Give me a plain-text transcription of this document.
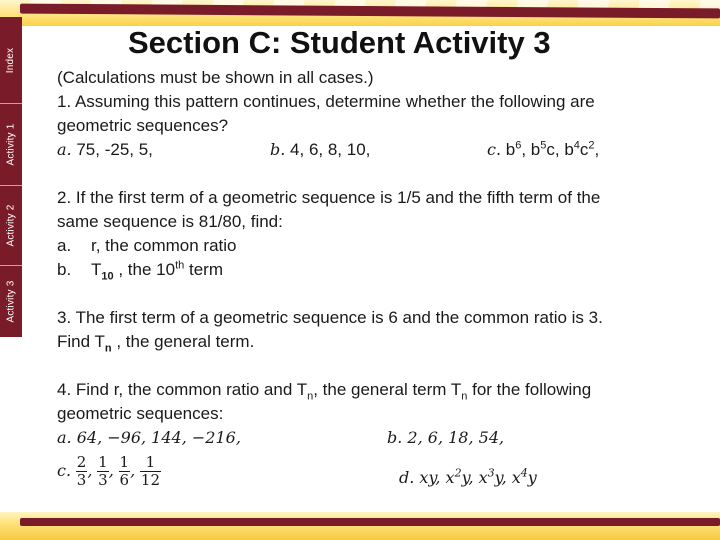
Index
Activity 1
Activity 2
Activity 3
Section C: Student Activity 3
(Calculations must be shown in all cases.)
1. Assuming this pattern continues, determine whether the following are
geometric sequences?
a. 75, -25, 5,	b. 4, 6, 8, 10,	c. $b^6$, $b^5c$, $b^4c^2$,
2. If the first term of a geometric sequence is 1/5 and the fifth term of the
same sequence is 81/80, find:
a. r, the common ratio
b. $T_{10}$ , the 10th term
3. The first term of a geometric sequence is 6 and the common ratio is 3.
Find $T_n$ , the general term.
4. Find r, the common ratio and $T_n$, the general term $T_n$ for the following
geometric sequences:
a. 64, −96, 144, −216,	b. 2, 6, 18, 54,
c. $\frac{2}{3}$ , $\frac{1}{3}$ , $\frac{1}{6}$ , $\frac{1}{12}$	d. xy, $x^2y$, $x^3y$, $x^4y$
